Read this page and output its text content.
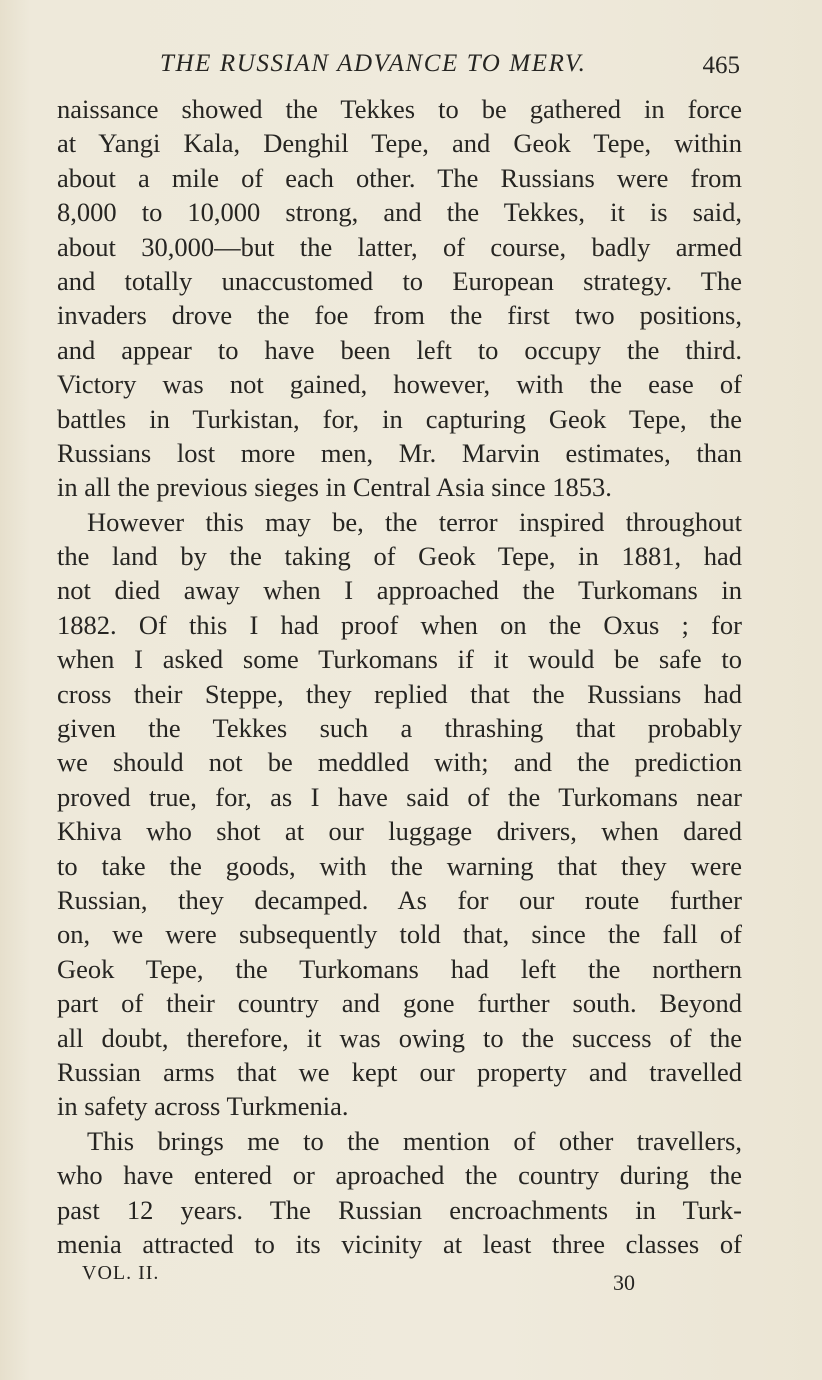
THE RUSSIAN ADVANCE TO MERV.	465
naissance showed the Tekkes to be gathered in force
at Yangi Kala, Denghil Tepe, and Geok Tepe, within
about a mile of each other. The Russians were from
8,000 to 10,000 strong, and the Tekkes, it is said,
about 30,000—but the latter, of course, badly armed
and totally unaccustomed to European strategy. The
invaders drove the foe from the first two positions,
and appear to have been left to occupy the third.
Victory was not gained, however, with the ease of
battles in Turkistan, for, in capturing Geok Tepe, the
Russians lost more men, Mr. Marvin estimates, than
in all the previous sieges in Central Asia since 1853.
However this may be, the terror inspired throughout
the land by the taking of Geok Tepe, in 1881, had
not died away when I approached the Turkomans in
1882. Of this I had proof when on the Oxus ; for
when I asked some Turkomans if it would be safe to
cross their Steppe, they replied that the Russians had
given the Tekkes such a thrashing that probably
we should not be meddled with; and the prediction
proved true, for, as I have said of the Turkomans near
Khiva who shot at our luggage drivers, when dared
to take the goods, with the warning that they were
Russian, they decamped. As for our route further
on, we were subsequently told that, since the fall of
Geok Tepe, the Turkomans had left the northern
part of their country and gone further south. Beyond
all doubt, therefore, it was owing to the success of the
Russian arms that we kept our property and travelled
in safety across Turkmenia.
This brings me to the mention of other travellers,
who have entered or aproached the country during the
past 12 years. The Russian encroachments in Turk-
menia attracted to its vicinity at least three classes of
VOL. II.	30
